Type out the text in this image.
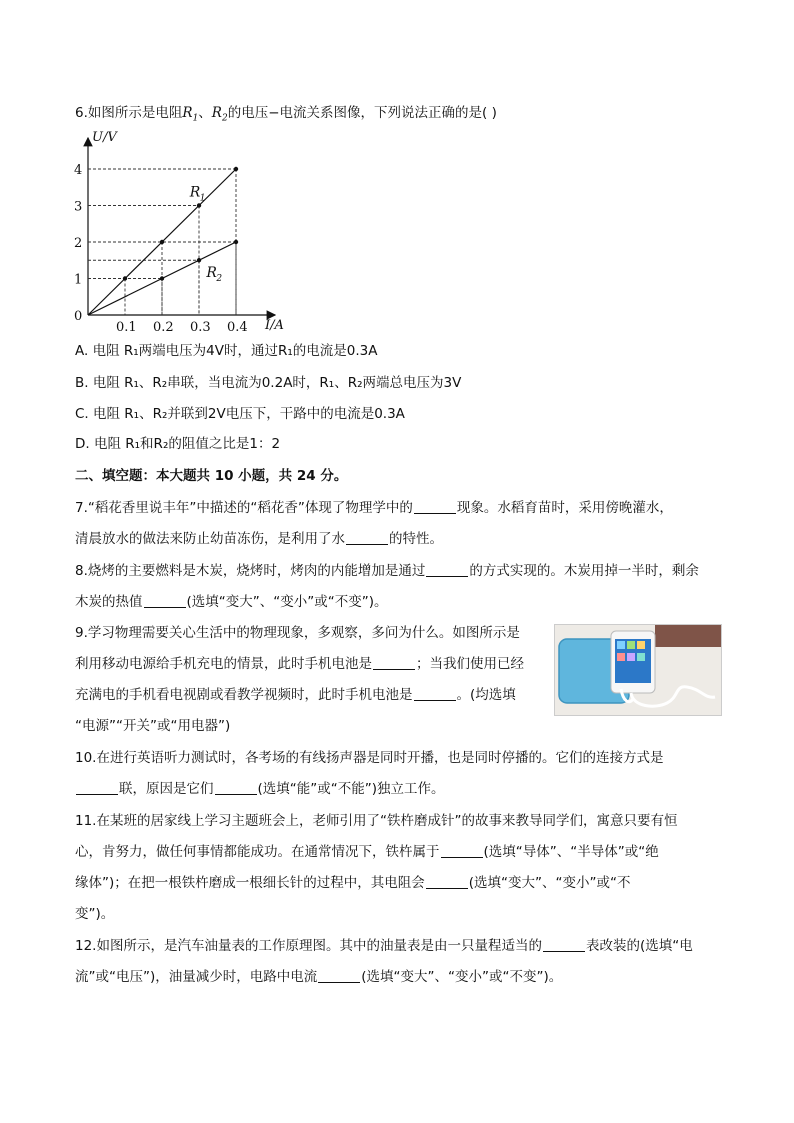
6.如图所示是电阻$R_1$、$R_2$的电压−电流关系图像，下列说法正确的是( )
U/V
I/A
0
1
2
3
4
0.1 0.2 0.3 0.4
R 1
R 2
A. 电阻 R₁两端电压为4V时，通过R₁的电流是0.3A
B. 电阻 R₁、R₂串联，当电流为0.2A时，R₁、R₂两端总电压为3V
C. 电阻 R₁、R₂并联到2V电压下，干路中的电流是0.3A
D. 电阻 R₁和R₂的阻值之比是1：2
二、填空题：本大题共 10 小题，共 24 分。
7.“稻花香里说丰年”中描述的“稻花香”体现了物理学中的	现象。水稻育苗时，采用傍晚灌水，
清晨放水的做法来防止幼苗冻伤，是利用了水	的特性。
8.烧烤的主要燃料是木炭，烧烤时，烤肉的内能增加是通过	的方式实现的。木炭用掉一半时，剩余
木炭的热值	(选填“变大”、“变小”或“不变”)。
9.学习物理需要关心生活中的物理现象，多观察，多问为什么。如图所示是
利用移动电源给手机充电的情景，此时手机电池是	；当我们使用已经
充满电的手机看电视剧或看教学视频时，此时手机电池是	。(均选填
“电源”“开关”或“用电器”)
10.在进行英语听力测试时，各考场的有线扬声器是同时开播，也是同时停播的。它们的连接方式是
联，原因是它们	(选填“能”或“不能”)独立工作。
11.在某班的居家线上学习主题班会上，老师引用了“铁杵磨成针”的故事来教导同学们，寓意只要有恒
心，肯努力，做任何事情都能成功。在通常情况下，铁杵属于	(选填“导体”、“半导体”或“绝
缘体”)；在把一根铁杵磨成一根细长针的过程中，其电阻会	(选填“变大”、“变小”或“不
变”)。
12.如图所示，是汽车油量表的工作原理图。其中的油量表是由一只量程适当的	表改装的(选填“电
流”或“电压”)，油量减少时，电路中电流	(选填“变大”、“变小”或“不变”)。
